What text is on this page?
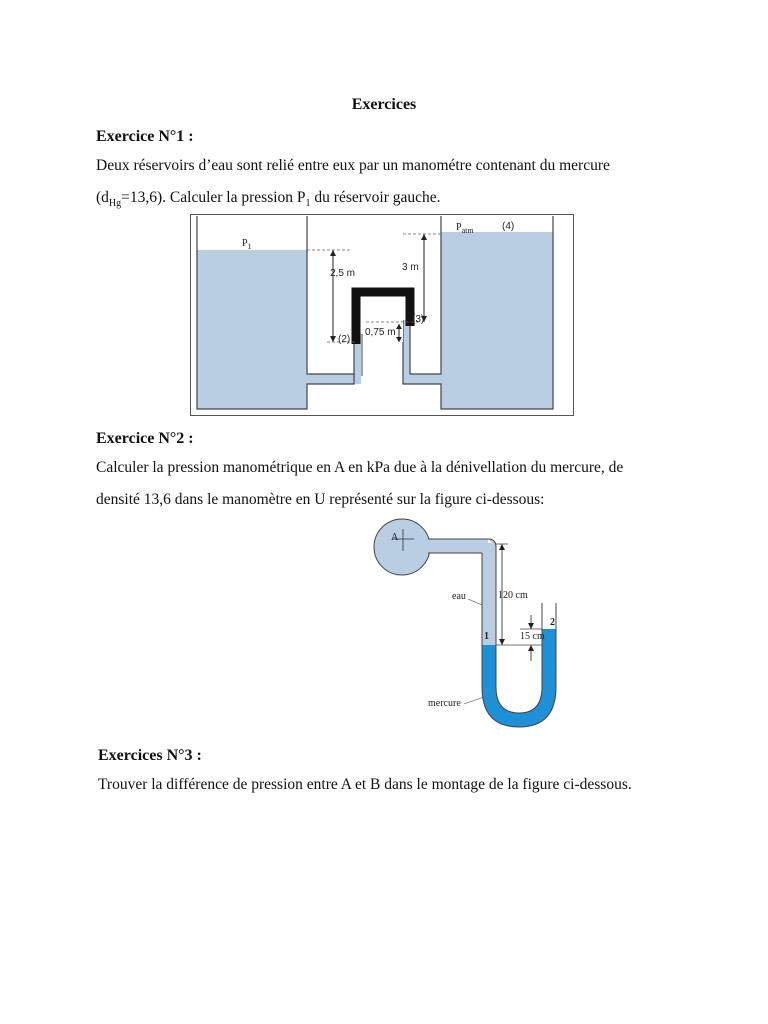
Exercices
Exercice N°1 :
Deux réservoirs d’eau sont relié entre eux par un manométre contenant du mercure
$(d_{Hg}=13,6)$. Calculer la pression $P_1$ du réservoir gauche.
$P_1$
$P_{atm}$	(4)
2,5 m
3 m
0,75 m
(2)
(3)
Exercice N°2 :
Calculer la pression manométrique en A en kPa due à la dénivellation du mercure, de
densité 13,6 dans le manomètre en U représenté sur la figure ci-dessous:
A
eau	120 cm
15 cm
1
2
mercure
Exercices N°3 :
Trouver la différence de pression entre A et B dans le montage de la figure ci-dessous.
